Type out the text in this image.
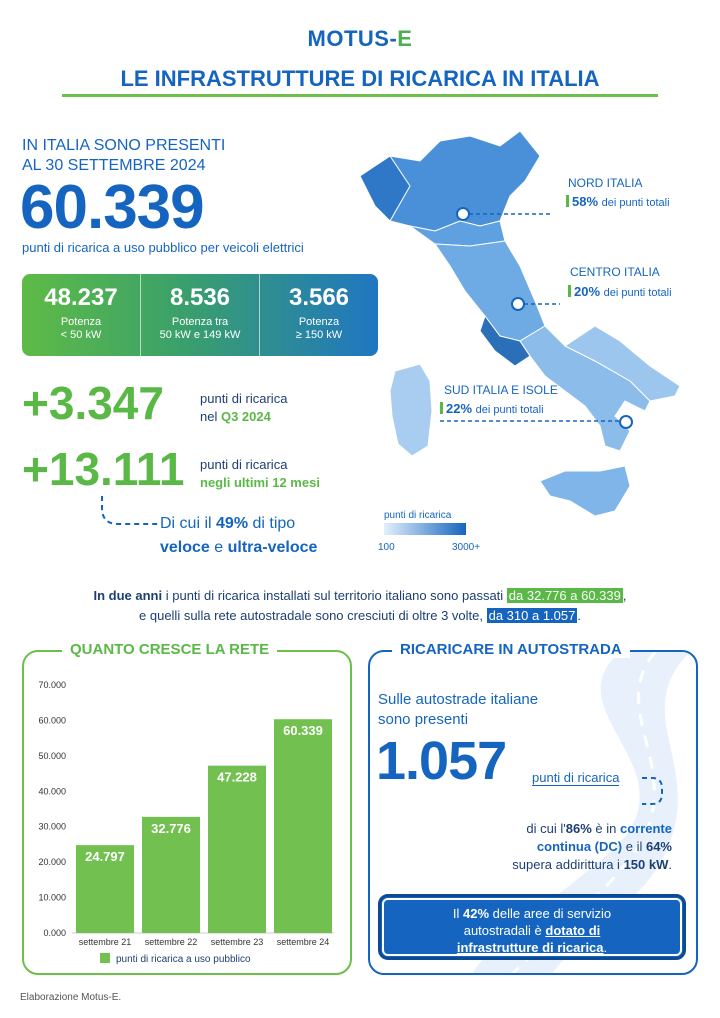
MOTUS-E
LE INFRASTRUTTURE DI RICARICA IN ITALIA
IN ITALIA SONO PRESENTI
AL 30 SETTEMBRE 2024
60.339
punti di ricarica a uso pubblico per veicoli elettrici
48.237
Potenza
< 50 kW
8.536
Potenza tra
50 kW e 149 kW
3.566
Potenza
≥ 150 kW
+3.347	punti di ricarica
nel Q3 2024
+13.111 punti di ricarica
negli ultimi 12 mesi
Di cui il 49% di tipo
veloce e ultra-veloce
NORD ITALIA
58% dei punti totali
CENTRO ITALIA
20% dei punti totali
SUD ITALIA E ISOLE
22% dei punti totali
punti di ricarica
100	3000+
In due anni i punti di ricarica installati sul territorio italiano sono passati da 32.776 a 60.339 ,
e quelli sulla rete autostradale sono cresciuti di oltre 3 volte, da 310 a 1.057 .
QUANTO CRESCE LA RETE
0.000
10.000
20.000
30.000
40.000
50.000
60.000
70.000
24.797
settembre 21
32.776
settembre 22
47.228
settembre 23
60.339
settembre 24
punti di ricarica a uso pubblico
RICARICARE IN AUTOSTRADA
Sulle autostrade italiane
sono presenti
1.057 punti di ricarica
di cui l'86% è in corrente
continua (DC) e il 64%
supera addirittura i 150 kW.
Il 42% delle aree di servizio
autostradali è dotato di
infrastrutture di ricarica.
Elaborazione Motus-E.
